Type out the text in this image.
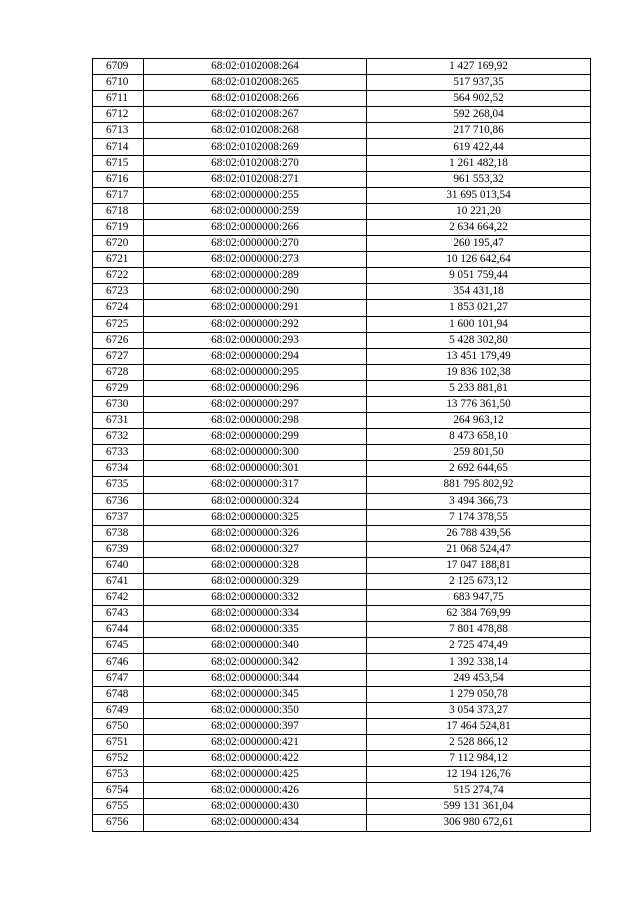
6709	68:02:0102008:264	1 427 169,92
6710	68:02:0102008:265	517 937,35
6711	68:02:0102008:266	564 902,52
6712	68:02:0102008:267	592 268,04
6713	68:02:0102008:268	217 710,86
6714	68:02:0102008:269	619 422,44
6715	68:02:0102008:270	1 261 482,18
6716	68:02:0102008:271	961 553,32
6717	68:02:0000000:255	31 695 013,54
6718	68:02:0000000:259	10 221,20
6719	68:02:0000000:266	2 634 664,22
6720	68:02:0000000:270	260 195,47
6721	68:02:0000000:273	10 126 642,64
6722	68:02:0000000:289	9 051 759,44
6723	68:02:0000000:290	354 431,18
6724	68:02:0000000:291	1 853 021,27
6725	68:02:0000000:292	1 600 101,94
6726	68:02:0000000:293	5 428 302,80
6727	68:02:0000000:294	13 451 179,49
6728	68:02:0000000:295	19 836 102,38
6729	68:02:0000000:296	5 233 881,81
6730	68:02:0000000:297	13 776 361,50
6731	68:02:0000000:298	264 963,12
6732	68:02:0000000:299	8 473 658,10
6733	68:02:0000000:300	259 801,50
6734	68:02:0000000:301	2 692 644,65
6735	68:02:0000000:317	881 795 802,92
6736	68:02:0000000:324	3 494 366,73
6737	68:02:0000000:325	7 174 378,55
6738	68:02:0000000:326	26 788 439,56
6739	68:02:0000000:327	21 068 524,47
6740	68:02:0000000:328	17 047 188,81
6741	68:02:0000000:329	2 125 673,12
6742	68:02:0000000:332	683 947,75
6743	68:02:0000000:334	62 384 769,99
6744	68:02:0000000:335	7 801 478,88
6745	68:02:0000000:340	2 725 474,49
6746	68:02:0000000:342	1 392 338,14
6747	68:02:0000000:344	249 453,54
6748	68:02:0000000:345	1 279 050,78
6749	68:02:0000000:350	3 054 373,27
6750	68:02:0000000:397	17 464 524,81
6751	68:02:0000000:421	2 528 866,12
6752	68:02:0000000:422	7 112 984,12
6753	68:02:0000000:425	12 194 126,76
6754	68:02:0000000:426	515 274,74
6755	68:02:0000000:430	599 131 361,04
6756	68:02:0000000:434	306 980 672,61
